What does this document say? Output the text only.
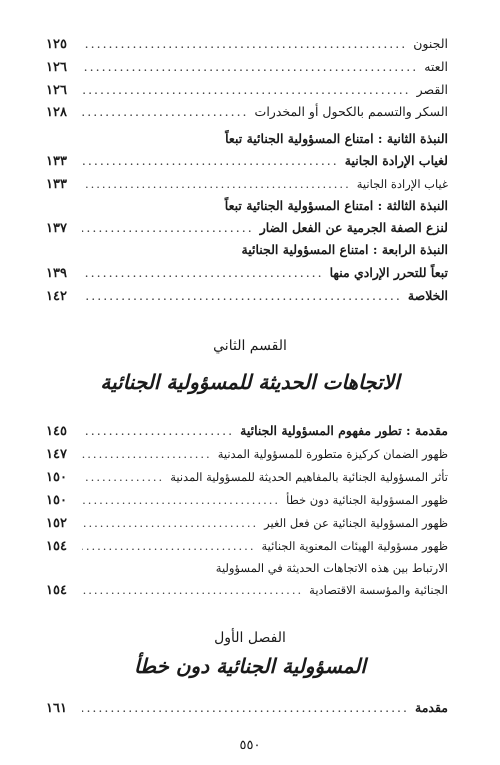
الجنون
.....
١٢٥
العته
.....
١٢٦
القصر
.....
١٢٦
السكر والتسمم بالكحول أو المخدرات
.....
١٢٨
النبذة الثانية : امتناع المسؤولية الجنائية تبعاً
لغياب الإرادة الجانية
.....
١٣٣
غياب الإرادة الجانية
.....
١٣٣
النبذة الثالثة : امتناع المسؤولية الجنائية تبعاً
لنزع الصفة الجرمية عن الفعل الضار
.....
١٣٧
النبذة الرابعة : امتناع المسؤولية الجنائية
تبعاً للتحرر الإرادي منها
.....
١٣٩
الخلاصة
.....
١٤٢
القسم الثاني
الاتجاهات الحديثة للمسؤولية الجنائية
مقدمة : تطور مفهوم المسؤولية الجنائية
.....
١٤٥
ظهور الضمان كركيزة متطورة للمسؤولية المدنية
.....
١٤٧
تأثر المسؤولية الجنائية بالمفاهيم الحديثة للمسؤولية المدنية
.....
١٥٠
ظهور المسؤولية الجنائية دون خطأ
.....
١٥٠
ظهور المسؤولية الجنائية عن فعل الغير
.....
١٥٢
ظهور مسؤولية الهيئات المعنوية الجنائية
.....
١٥٤
الارتباط بين هذه الاتجاهات الحديثة في المسؤولية
الجنائية والمؤسسة الاقتصادية
.....
١٥٤
الفصل الأول
المسؤولية الجنائية دون خطأ
مقدمة
.....
١٦١
٥٥٠
